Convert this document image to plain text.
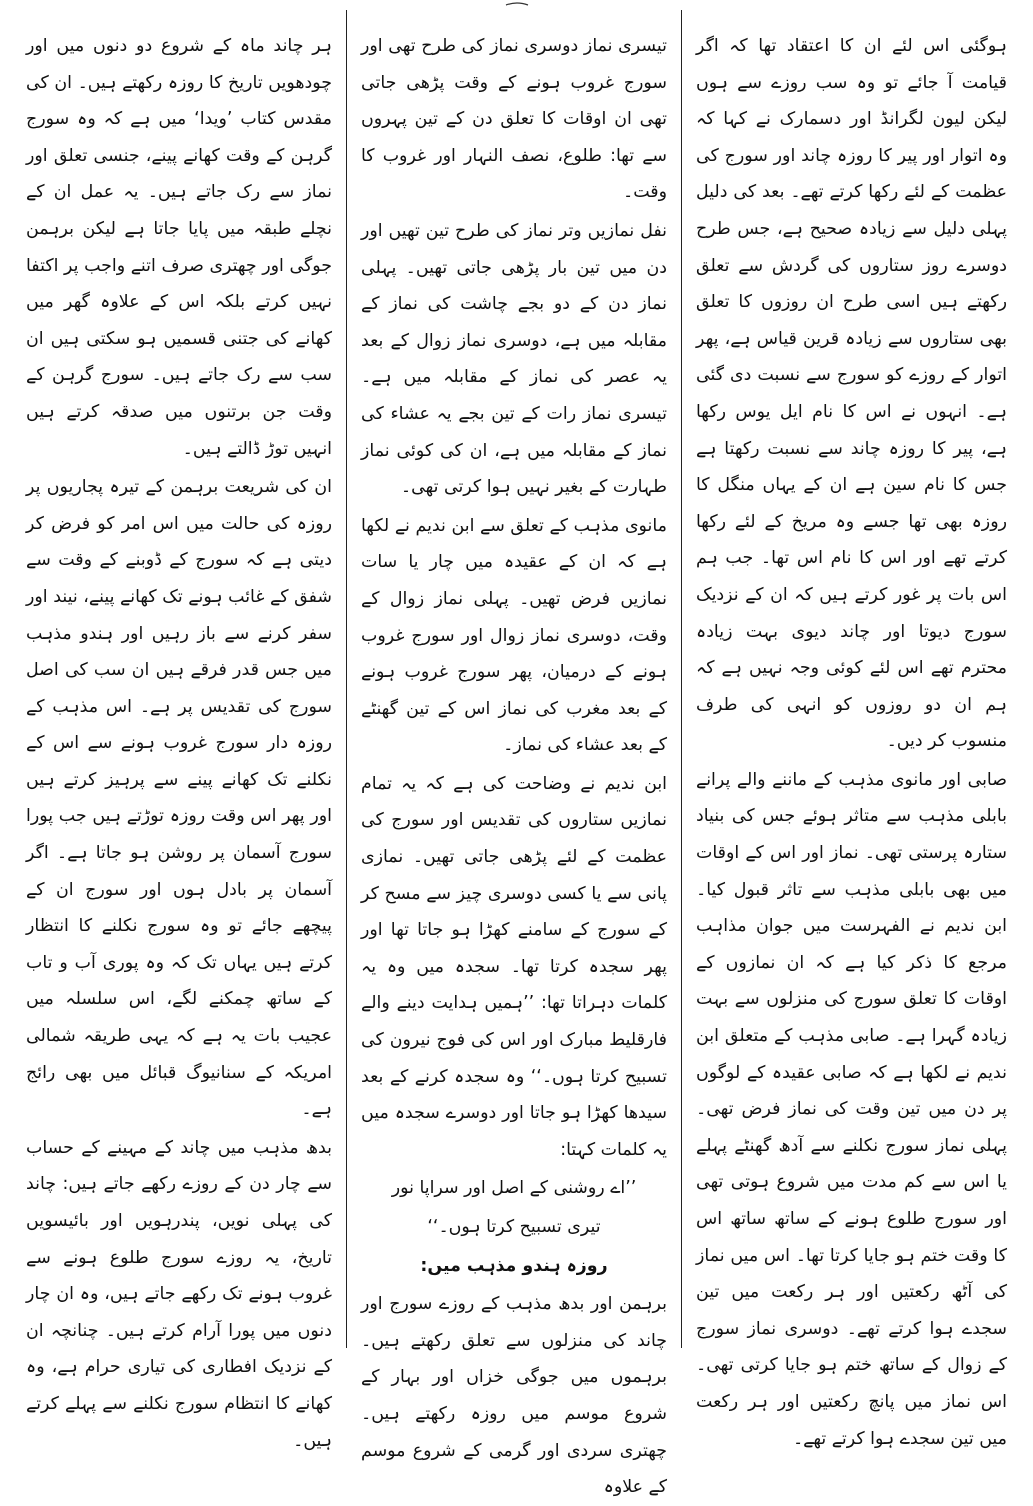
ہوگئی اس لئے ان کا اعتقاد تھا کہ اگر قیامت آ جائے تو وہ سب روزے سے ہوں لیکن لیون لگرانڈ اور دسمارک نے کہا کہ وہ اتوار اور پیر کا روزہ چاند اور سورج کی عظمت کے لئے رکھا کرتے تھے۔ بعد کی دلیل پہلی دلیل سے زیادہ صحیح ہے، جس طرح دوسرے روز ستاروں کی گردش سے تعلق رکھتے ہیں اسی طرح ان روزوں کا تعلق بھی ستاروں سے زیادہ قرین قیاس ہے، پھر اتوار کے روزے کو سورج سے نسبت دی گئی ہے۔ انہوں نے اس کا نام ایل یوس رکھا ہے، پیر کا روزہ چاند سے نسبت رکھتا ہے جس کا نام سین ہے ان کے یہاں منگل کا روزہ بھی تھا جسے وہ مریخ کے لئے رکھا کرتے تھے اور اس کا نام اس تھا۔ جب ہم اس بات پر غور کرتے ہیں کہ ان کے نزدیک سورج دیوتا اور چاند دیوی بہت زیادہ محترم تھے اس لئے کوئی وجہ نہیں ہے کہ ہم ان دو روزوں کو انہی کی طرف منسوب کر دیں۔

صابی اور مانوی مذہب کے ماننے والے پرانے بابلی مذہب سے متاثر ہوئے جس کی بنیاد ستارہ پرستی تھی۔ نماز اور اس کے اوقات میں بھی بابلی مذہب سے تاثر قبول کیا۔ ابن ندیم نے الفہرست میں جوان مذاہب مرجع کا ذکر کیا ہے کہ ان نمازوں کے اوقات کا تعلق سورج کی منزلوں سے بہت زیادہ گہرا ہے۔ صابی مذہب کے متعلق ابن ندیم نے لکھا ہے کہ صابی عقیدہ کے لوگوں پر دن میں تین وقت کی نماز فرض تھی۔ پہلی نماز سورج نکلنے سے آدھ گھنٹے پہلے یا اس سے کم مدت میں شروع ہوتی تھی اور سورج طلوع ہونے کے ساتھ ساتھ اس کا وقت ختم ہو جایا کرتا تھا۔ اس میں نماز کی آٹھ رکعتیں اور ہر رکعت میں تین سجدے ہوا کرتے تھے۔ دوسری نماز سورج کے زوال کے ساتھ ختم ہو جایا کرتی تھی۔ اس نماز میں پانچ رکعتیں اور ہر رکعت میں تین سجدے ہوا کرتے تھے۔

تیسری نماز دوسری نماز کی طرح تھی اور سورج غروب ہونے کے وقت پڑھی جاتی تھی ان اوقات کا تعلق دن کے تین پہروں سے تھا: طلوع، نصف النہار اور غروب کا وقت۔

نفل نمازیں وتر نماز کی طرح تین تھیں اور دن میں تین بار پڑھی جاتی تھیں۔ پہلی نماز دن کے دو بجے چاشت کی نماز کے مقابلہ میں ہے، دوسری نماز زوال کے بعد یہ عصر کی نماز کے مقابلہ میں ہے۔ تیسری نماز رات کے تین بجے یہ عشاء کی نماز کے مقابلہ میں ہے، ان کی کوئی نماز طہارت کے بغیر نہیں ہوا کرتی تھی۔

مانوی مذہب کے تعلق سے ابن ندیم نے لکھا ہے کہ ان کے عقیدہ میں چار یا سات نمازیں فرض تھیں۔ پہلی نماز زوال کے وقت، دوسری نماز زوال اور سورج غروب ہونے کے درمیان، پھر سورج غروب ہونے کے بعد مغرب کی نماز اس کے تین گھنٹے کے بعد عشاء کی نماز۔

ابن ندیم نے وضاحت کی ہے کہ یہ تمام نمازیں ستاروں کی تقدیس اور سورج کی عظمت کے لئے پڑھی جاتی تھیں۔ نمازی پانی سے یا کسی دوسری چیز سے مسح کر کے سورج کے سامنے کھڑا ہو جاتا تھا اور پھر سجدہ کرتا تھا۔ سجدہ میں وہ یہ کلمات دہراتا تھا: ’’ہمیں ہدایت دینے والے فارقلیط مبارک اور اس کی فوج نیرون کی تسبیح کرتا ہوں۔‘‘ وہ سجدہ کرنے کے بعد سیدھا کھڑا ہو جاتا اور دوسرے سجدہ میں یہ کلمات کہتا:

’’اے روشنی کے اصل اور سراپا نور

تیری تسبیح کرتا ہوں۔‘‘

روزہ ہندو مذہب میں:

برہمن اور بدھ مذہب کے روزے سورج اور چاند کی منزلوں سے تعلق رکھتے ہیں۔ برہموں میں جوگی خزاں اور بہار کے شروع موسم میں روزہ رکھتے ہیں۔ چھتری سردی اور گرمی کے شروع موسم کے علاوہ

ہر چاند ماہ کے شروع دو دنوں میں اور چودھویں تاریخ کا روزہ رکھتے ہیں۔ ان کی مقدس کتاب ’ویدا‘ میں ہے کہ وہ سورج گرہن کے وقت کھانے پینے، جنسی تعلق اور نماز سے رک جاتے ہیں۔ یہ عمل ان کے نچلے طبقہ میں پایا جاتا ہے لیکن برہمن جوگی اور چھتری صرف اتنے واجب پر اکتفا نہیں کرتے بلکہ اس کے علاوہ گھر میں کھانے کی جتنی قسمیں ہو سکتی ہیں ان سب سے رک جاتے ہیں۔ سورج گرہن کے وقت جن برتنوں میں صدقہ کرتے ہیں انہیں توڑ ڈالتے ہیں۔

ان کی شریعت برہمن کے تیرہ پجاریوں پر روزہ کی حالت میں اس امر کو فرض کر دیتی ہے کہ سورج کے ڈوبنے کے وقت سے شفق کے غائب ہونے تک کھانے پینے، نیند اور سفر کرنے سے باز رہیں اور ہندو مذہب میں جس قدر فرقے ہیں ان سب کی اصل سورج کی تقدیس پر ہے۔ اس مذہب کے روزہ دار سورج غروب ہونے سے اس کے نکلنے تک کھانے پینے سے پرہیز کرتے ہیں اور پھر اس وقت روزہ توڑتے ہیں جب پورا سورج آسمان پر روشن ہو جاتا ہے۔ اگر آسمان پر بادل ہوں اور سورج ان کے پیچھے جائے تو وہ سورج نکلنے کا انتظار کرتے ہیں یہاں تک کہ وہ پوری آب و تاب کے ساتھ چمکنے لگے، اس سلسلہ میں عجیب بات یہ ہے کہ یہی طریقہ شمالی امریکہ کے سنانیوگ قبائل میں بھی رائج ہے۔

بدھ مذہب میں چاند کے مہینے کے حساب سے چار دن کے روزے رکھے جاتے ہیں: چاند کی پہلی نویں، پندرہویں اور بائیسویں تاریخ، یہ روزے سورج طلوع ہونے سے غروب ہونے تک رکھے جاتے ہیں، وہ ان چار دنوں میں پورا آرام کرتے ہیں۔ چنانچہ ان کے نزدیک افطاری کی تیاری حرام ہے، وہ کھانے کا انتظام سورج نکلنے سے پہلے کرتے ہیں۔
